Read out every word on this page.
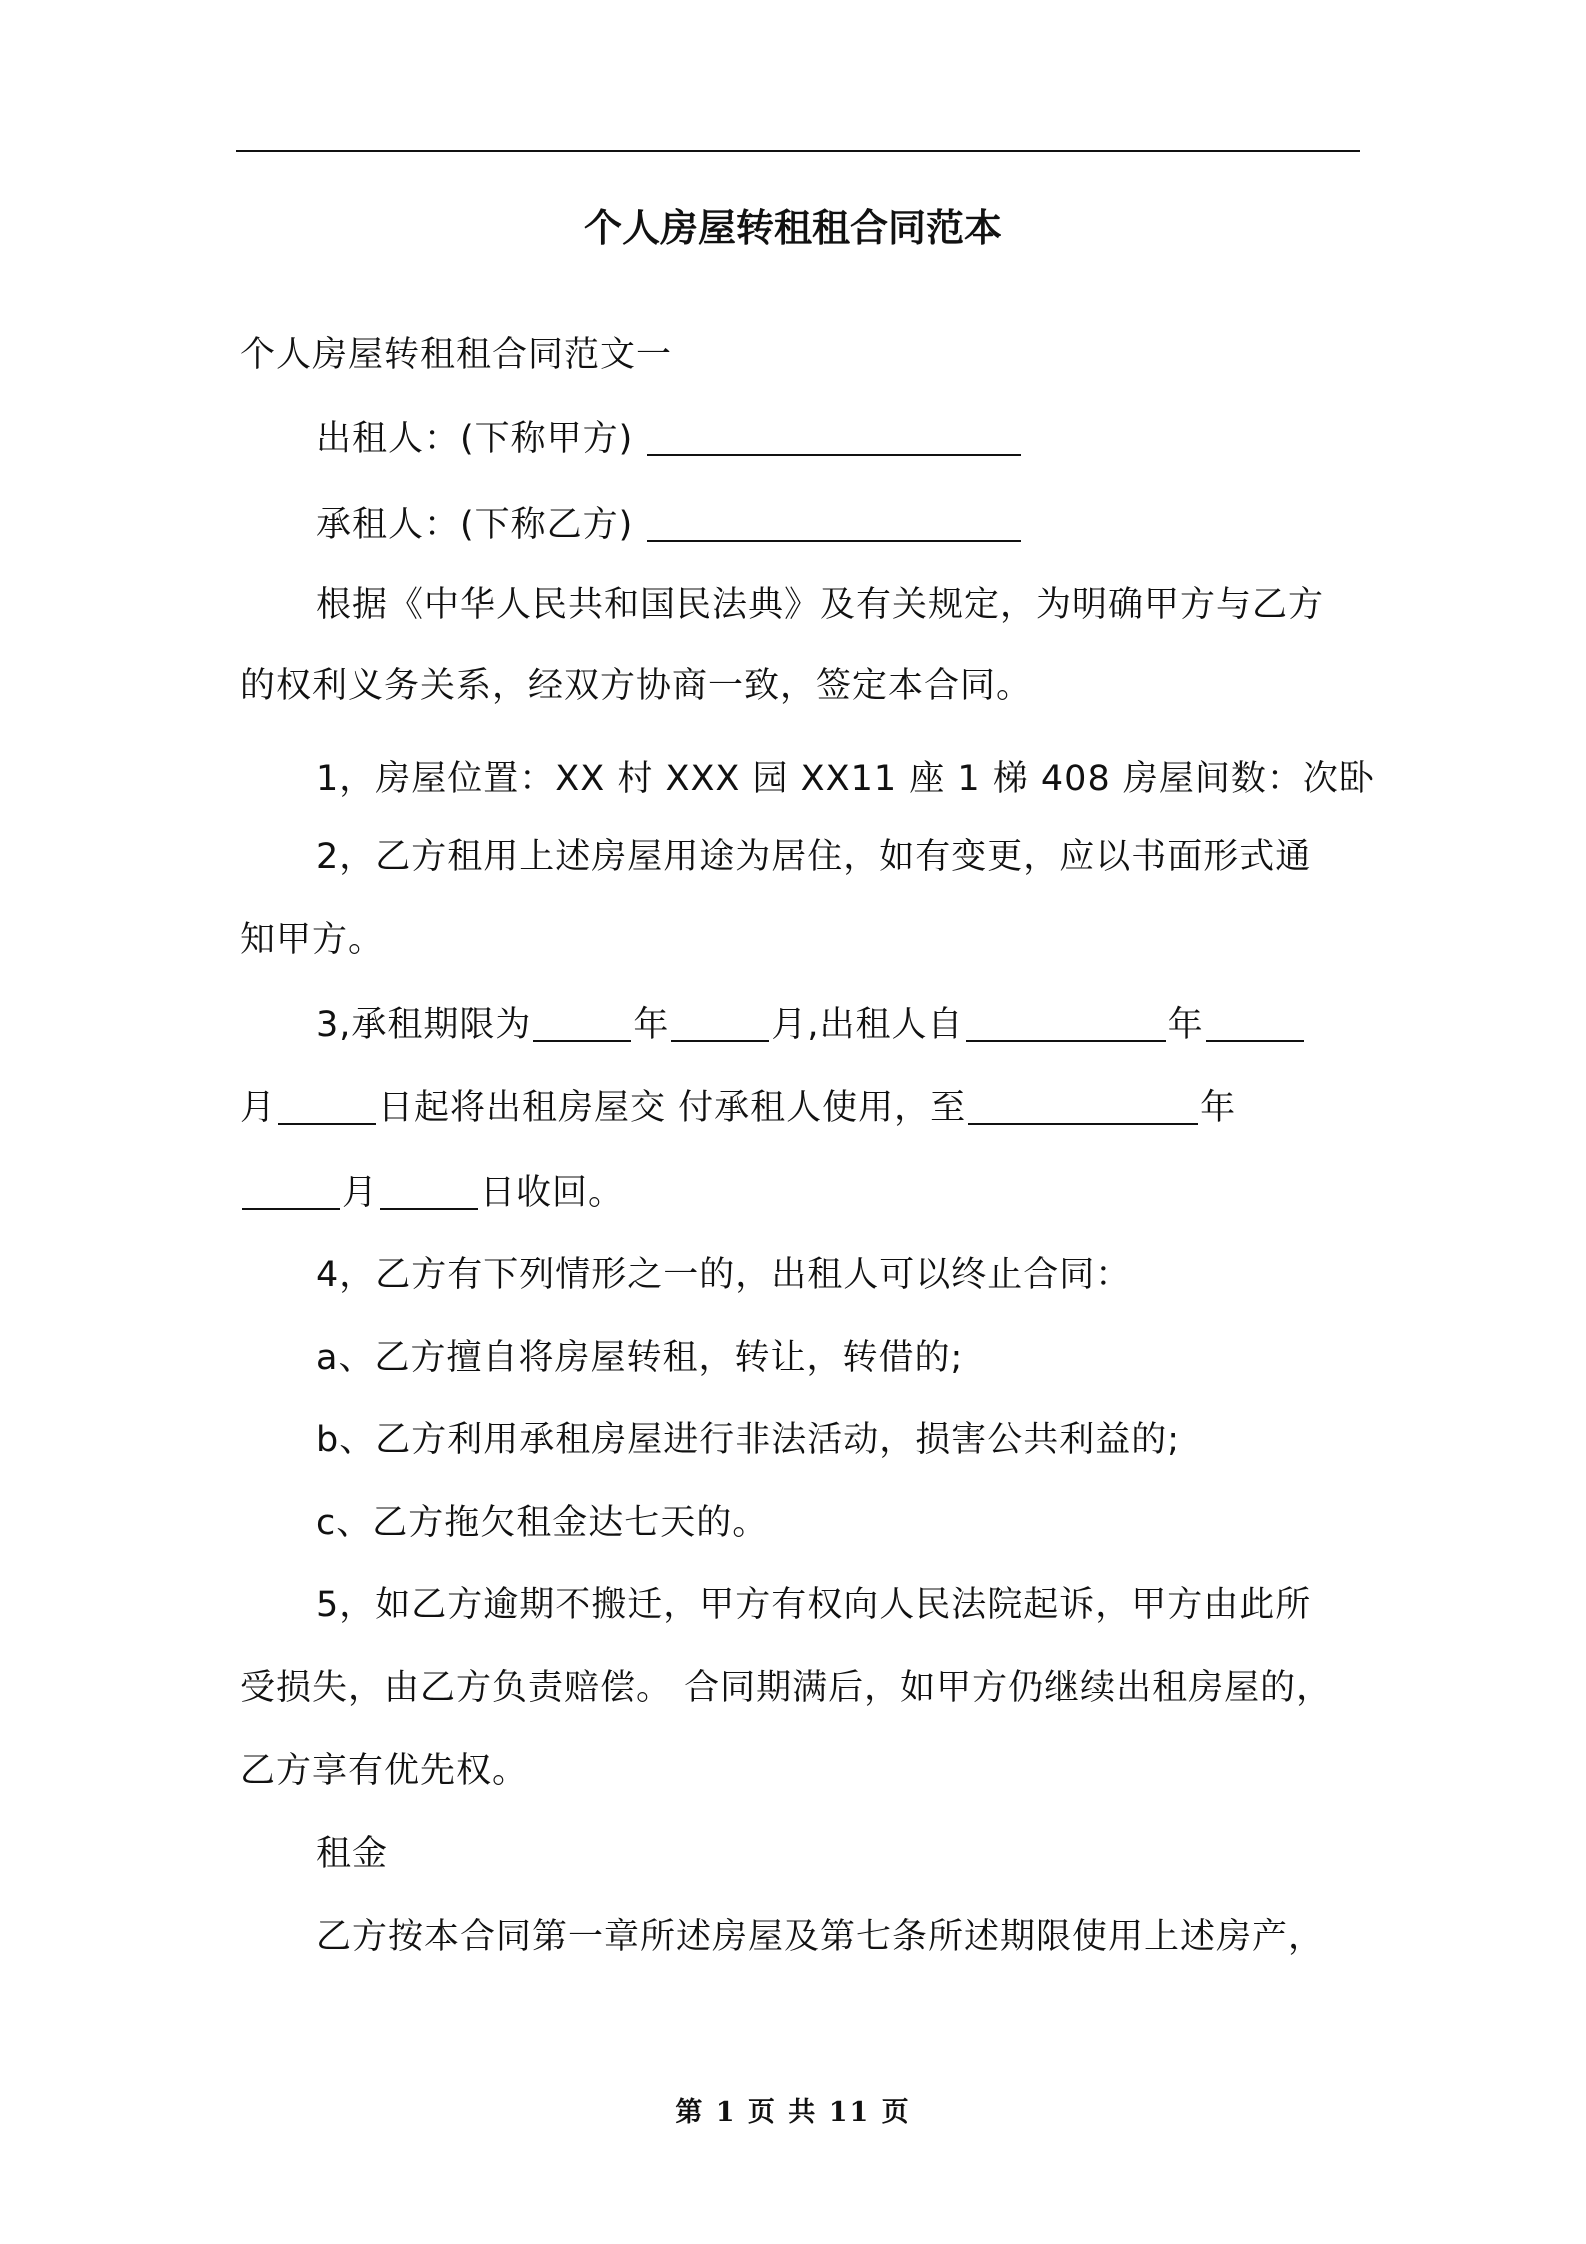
个人房屋转租租合同范本
个人房屋转租租合同范文一
出租人：(下称甲方)
承租人：(下称乙方)
根据《中华人民共和国民法典》及有关规定，为明确甲方与乙方
的权利义务关系，经双方协商一致，签定本合同。
1，房屋位置：XX 村 XXX 园 XX11 座 1 梯 408 房屋间数：次卧
2，乙方租用上述房屋用途为居住，如有变更，应以书面形式通
知甲方。
3,承租期限为	年	月,出租人自	年
月	日起将出租房屋交 付承租人使用，至	年
月	日收回。
4，乙方有下列情形之一的，出租人可以终止合同：
a、乙方擅自将房屋转租，转让，转借的;
b、乙方利用承租房屋进行非法活动，损害公共利益的;
c、乙方拖欠租金达七天的。
5，如乙方逾期不搬迁，甲方有权向人民法院起诉，甲方由此所
受损失，由乙方负责赔偿。 合同期满后，如甲方仍继续出租房屋的，
乙方享有优先权。
租金
乙方按本合同第一章所述房屋及第七条所述期限使用上述房产，
第 1 页 共 11 页
